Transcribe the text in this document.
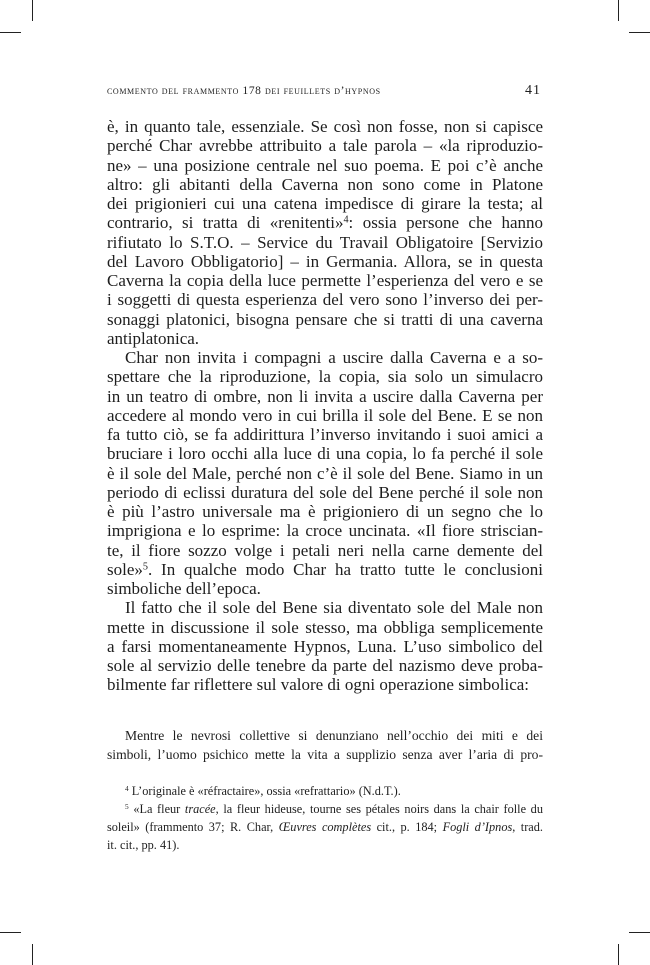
commento del frammento 178 dei feuillets d’hypnos	41
è, in quanto tale, essenziale. Se così non fosse, non si capisce
perché Char avrebbe attribuito a tale parola – «la riproduzio-
ne» – una posizione centrale nel suo poema. E poi c’è anche
altro: gli abitanti della Caverna non sono come in Platone
dei prigionieri cui una catena impedisce di girare la testa; al
contrario, si tratta di «renitenti»$^4$: ossia persone che hanno
rifiutato lo S.T.O. – Service du Travail Obligatoire [Servizio
del Lavoro Obbligatorio] – in Germania. Allora, se in questa
Caverna la copia della luce permette l’esperienza del vero e se
i soggetti di questa esperienza del vero sono l’inverso dei per-
sonaggi platonici, bisogna pensare che si tratti di una caverna
antiplatonica.
Char non invita i compagni a uscire dalla Caverna e a so-
spettare che la riproduzione, la copia, sia solo un simulacro
in un teatro di ombre, non li invita a uscire dalla Caverna per
accedere al mondo vero in cui brilla il sole del Bene. E se non
fa tutto ciò, se fa addirittura l’inverso invitando i suoi amici a
bruciare i loro occhi alla luce di una copia, lo fa perché il sole
è il sole del Male, perché non c’è il sole del Bene. Siamo in un
periodo di eclissi duratura del sole del Bene perché il sole non
è più l’astro universale ma è prigioniero di un segno che lo
imprigiona e lo esprime: la croce uncinata. «Il fiore striscian-
te, il fiore sozzo volge i petali neri nella carne demente del
sole»$^5$. In qualche modo Char ha tratto tutte le conclusioni
simboliche dell’epoca.
Il fatto che il sole del Bene sia diventato sole del Male non
mette in discussione il sole stesso, ma obbliga semplicemente
a farsi momentaneamente Hypnos, Luna. L’uso simbolico del
sole al servizio delle tenebre da parte del nazismo deve proba-
bilmente far riflettere sul valore di ogni operazione simbolica:
Mentre le nevrosi collettive si denunziano nell’occhio dei miti e dei
simboli, l’uomo psichico mette la vita a supplizio senza aver l’aria di pro-
$^4$ L’originale è «réfractaire», ossia «refrattario» (N.d.T.).
$^5$ «La fleur tracée, la fleur hideuse, tourne ses pétales noirs dans la chair folle du
soleil» (frammento 37; R. Char, Œuvres complètes cit., p. 184; Fogli d’Ipnos, trad.
it. cit., pp. 41).
